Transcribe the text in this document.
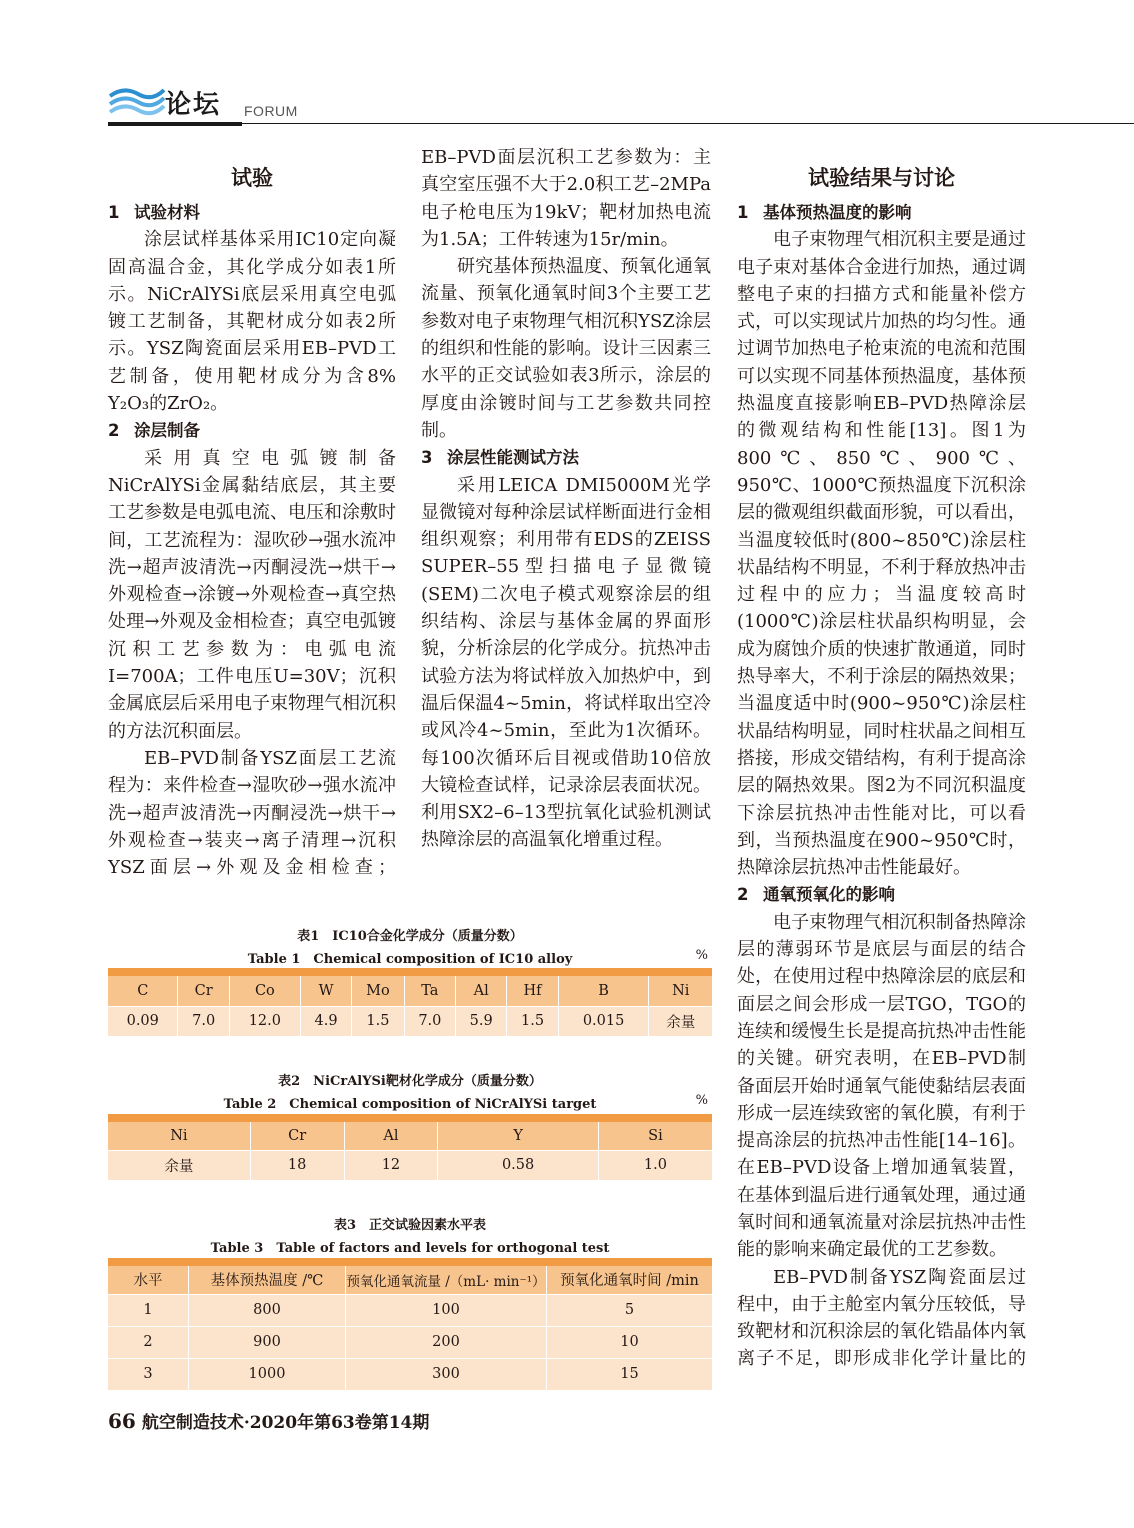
论坛 FORUM

试验

1 试验材料

涂层试样基体采用IC10定向凝固高温合金，其化学成分如表1所示。NiCrAlYSi底层采用真空电弧镀工艺制备，其靶材成分如表2所示。YSZ陶瓷面层采用EB–PVD工艺制备，使用靶材成分为含8% Y₂O₃的ZrO₂。

2 涂层制备

采用真空电弧镀制备NiCrAlYSi金属黏结底层，其主要工艺参数是电弧电流、电压和涂敷时间，工艺流程为：湿吹砂→强水流冲洗→超声波清洗→丙酮浸洗→烘干→外观检查→涂镀→外观检查→真空热处理→外观及金相检查；真空电弧镀沉积工艺参数为：电弧电流I=700A；工件电压U=30V；沉积金属底层后采用电子束物理气相沉积的方法沉积面层。

EB–PVD制备YSZ面层工艺流程为：来件检查→湿吹砂→强水流冲洗→超声波清洗→丙酮浸洗→烘干→外观检查→装夹→离子清理→沉积YSZ面层→外观及金相检查；

EB–PVD面层沉积工艺参数为：主真空室压强不大于2.0积工艺–2MPa电子枪电压为19kV；靶材加热电流为1.5A；工件转速为15r/min。

研究基体预热温度、预氧化通氧流量、预氧化通氧时间3个主要工艺参数对电子束物理气相沉积YSZ涂层的组织和性能的影响。设计三因素三水平的正交试验如表3所示，涂层的厚度由涂镀时间与工艺参数共同控制。

3 涂层性能测试方法

采用LEICA DMI5000M光学显微镜对每种涂层试样断面进行金相组织观察；利用带有EDS的ZEISS SUPER–55型扫描电子显微镜(SEM)二次电子模式观察涂层的组织结构、涂层与基体金属的界面形貌，分析涂层的化学成分。抗热冲击试验方法为将试样放入加热炉中，到温后保温4~5min，将试样取出空冷或风冷4~5min，至此为1次循环。每100次循环后目视或借助10倍放大镜检查试样，记录涂层表面状况。利用SX2–6–13型抗氧化试验机测试热障涂层的高温氧化增重过程。

试验结果与讨论

1 基体预热温度的影响

电子束物理气相沉积主要是通过电子束对基体合金进行加热，通过调整电子束的扫描方式和能量补偿方式，可以实现试片加热的均匀性。通过调节加热电子枪束流的电流和范围可以实现不同基体预热温度，基体预热温度直接影响EB–PVD热障涂层的微观结构和性能[13]。图1为800℃、850℃、900℃、950℃、1000℃预热温度下沉积涂层的微观组织截面形貌，可以看出，当温度较低时(800~850℃)涂层柱状晶结构不明显，不利于释放热冲击过程中的应力；当温度较高时(1000℃)涂层柱状晶织构明显，会成为腐蚀介质的快速扩散通道，同时热导率大，不利于涂层的隔热效果；当温度适中时(900~950℃)涂层柱状晶结构明显，同时柱状晶之间相互搭接，形成交错结构，有利于提高涂层的隔热效果。图2为不同沉积温度下涂层抗热冲击性能对比，可以看到，当预热温度在900~950℃时，热障涂层抗热冲击性能最好。

2 通氧预氧化的影响

电子束物理气相沉积制备热障涂层的薄弱环节是底层与面层的结合处，在使用过程中热障涂层的底层和面层之间会形成一层TGO，TGO的连续和缓慢生长是提高抗热冲击性能的关键。研究表明，在EB–PVD制备面层开始时通氧气能使黏结层表面形成一层连续致密的氧化膜，有利于提高涂层的抗热冲击性能[14–16]。在EB–PVD设备上增加通氧装置，在基体到温后进行通氧处理，通过通氧时间和通氧流量对涂层抗热冲击性能的影响来确定最优的工艺参数。

EB–PVD制备YSZ陶瓷面层过程中，由于主舱室内氧分压较低，导致靶材和沉积涂层的氧化锆晶体内氧离子不足，即形成非化学计量比的

表1　IC10合金化学成分（质量分数）
Table 1　Chemical composition of IC10 alloy	%
C	Cr	Co	W	Mo	Ta	Al	Hf	B	Ni
0.09	7.0	12.0	4.9	1.5	7.0	5.9	1.5	0.015	余量
表2　NiCrAlYSi靶材化学成分（质量分数）
Table 2　Chemical composition of NiCrAlYSi target	%
Ni	Cr	Al	Y	Si
余量	18	12	0.58	1.0
表3　正交试验因素水平表
Table 3　Table of factors and levels for orthogonal test
水平	基体预热温度 /℃	预氧化通氧流量 /（mL· min⁻¹）	预氧化通氧时间 /min
1	800	100	5
2	900	200	10
3	1000	300	15
66 航空制造技术·2020年第63卷第14期
